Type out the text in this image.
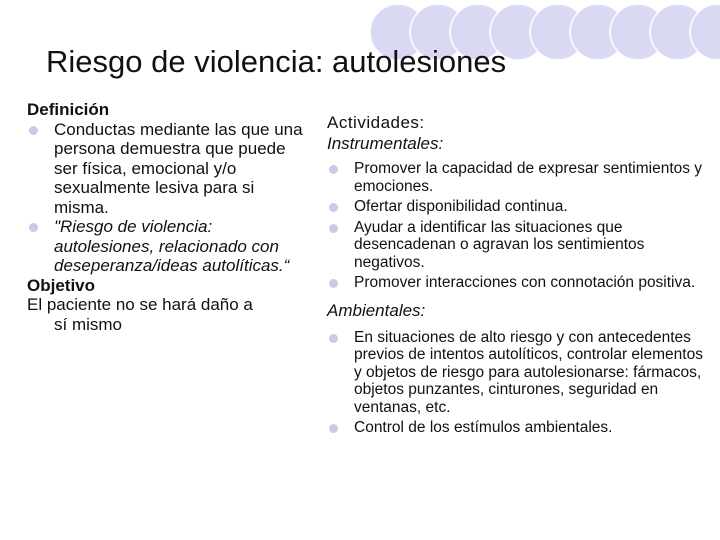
Riesgo de violencia: autolesiones

Definición

Conductas mediante las que una persona demuestra que puede ser física, emocional y/o sexualmente lesiva para si misma.
"Riesgo de violencia: autolesiones, relacionado con deseperanza/ideas autolíticas.“

Objetivo

El paciente no se hará daño a
sí mismo

Actividades:

Instrumentales:

Promover la capacidad de expresar sentimientos y emociones.
Ofertar disponibilidad continua.
Ayudar a identificar las situaciones que desencadenan o agravan los sentimientos negativos.
Promover interacciones con connotación positiva.

Ambientales:

En situaciones de alto riesgo y con antecedentes previos de intentos autolíticos, controlar elementos y objetos de riesgo para autolesionarse: fármacos, objetos punzantes, cinturones, seguridad en ventanas, etc.
Control de los estímulos ambientales.
